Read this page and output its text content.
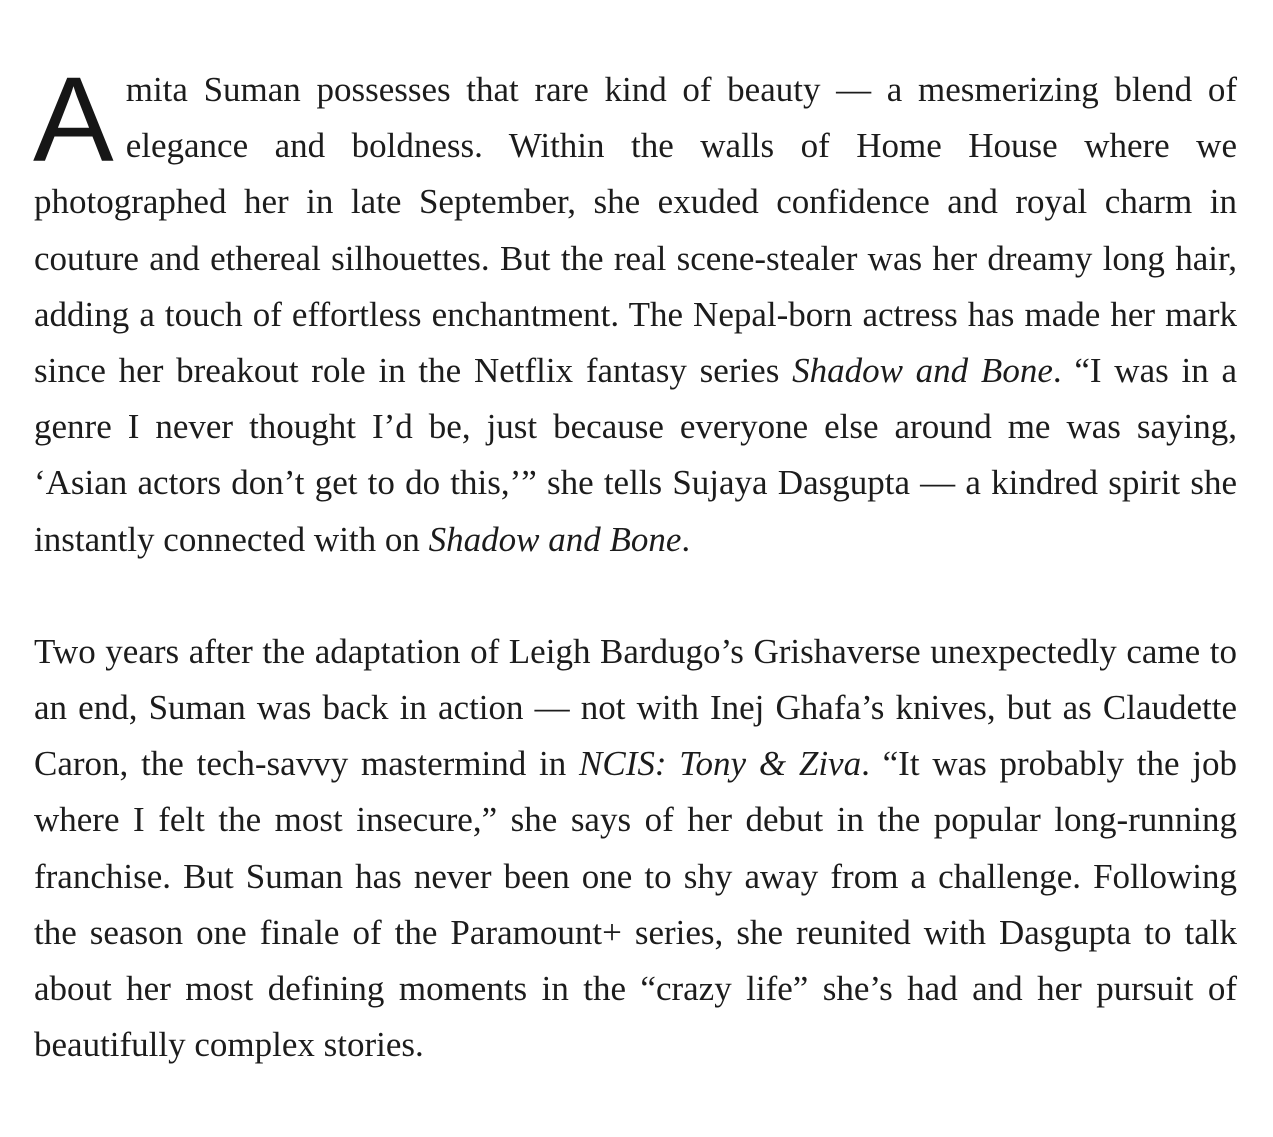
Amita Suman possesses that rare kind of beauty — a mesmerizing blend of elegance and boldness. Within the walls of Home House where we photographed her in late September, she exuded confidence and royal charm in couture and ethereal silhouettes. But the real scene-stealer was her dreamy long hair, adding a touch of effortless enchantment. The Nepal-born actress has made her mark since her breakout role in the Netflix fantasy series Shadow and Bone. “I was in a genre I never thought I’d be, just because everyone else around me was saying, ‘Asian actors don’t get to do this,’” she tells Sujaya Dasgupta — a kindred spirit she instantly connected with on Shadow and Bone.

Two years after the adaptation of Leigh Bardugo’s Grishaverse unexpectedly came to an end, Suman was back in action — not with Inej Ghafa’s knives, but as Claudette Caron, the tech-savvy mastermind in NCIS: Tony & Ziva. “It was probably the job where I felt the most insecure,” she says of her debut in the popular long-running franchise. But Suman has never been one to shy away from a challenge. Following the season one finale of the Paramount+ series, she reunited with Dasgupta to talk about her most defining moments in the “crazy life” she’s had and her pursuit of beautifully complex stories.
